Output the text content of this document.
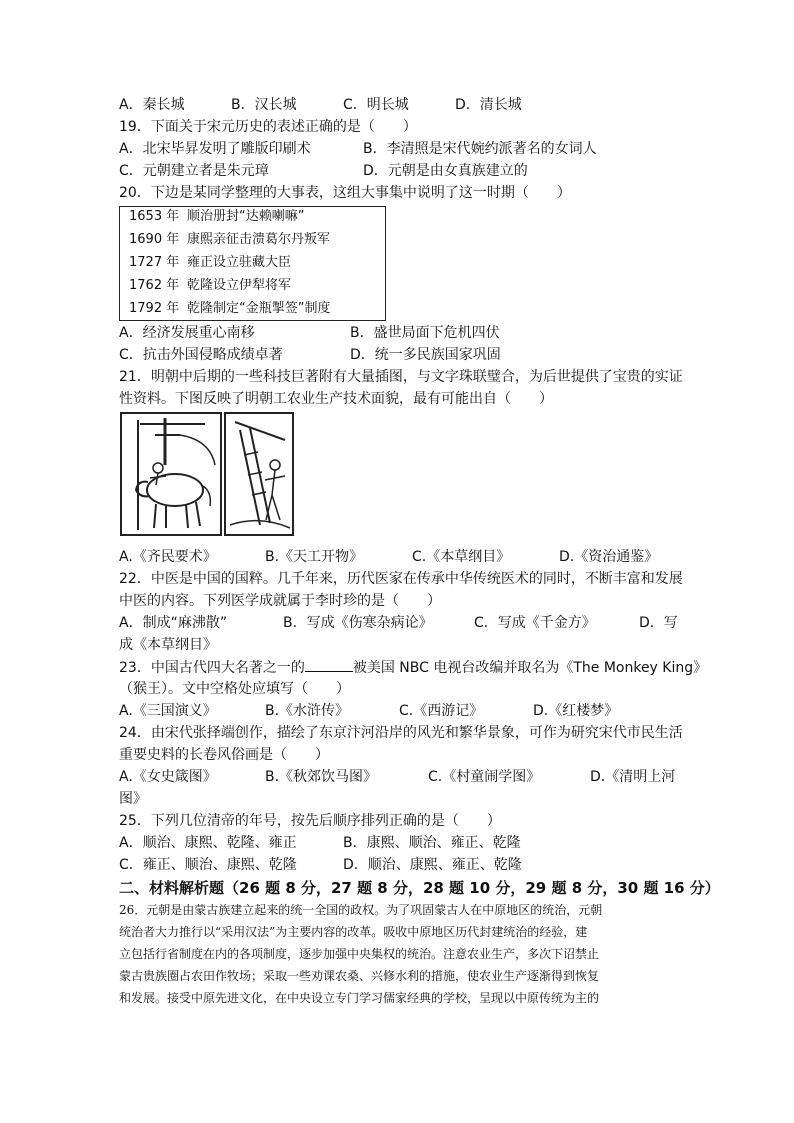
A．秦长城	B．汉长城	C．明长城	D．清长城
19．下面关于宋元历史的表述正确的是（　　）
A．北宋毕昇发明了雕版印刷术	B．李清照是宋代婉约派著名的女词人
C．元朝建立者是朱元璋	D．元朝是由女真族建立的
20．下边是某同学整理的大事表，这组大事集中说明了这一时期（　　）
1653 年 顺治册封“达赖喇嘛”
1690 年 康熙亲征击溃葛尔丹叛军
1727 年 雍正设立驻藏大臣
1762 年 乾隆设立伊犁将军
1792 年 乾隆制定“金瓶掣签”制度
A．经济发展重心南移	B．盛世局面下危机四伏
C．抗击外国侵略成绩卓著	D．统一多民族国家巩固
21．明朝中后期的一些科技巨著附有大量插图，与文字珠联璧合，为后世提供了宝贵的实证
性资料。下图反映了明朝工农业生产技术面貌，最有可能出自（　　）
A.《齐民要术》	B.《天工开物》	C.《本草纲目》	D.《资治通鉴》
22．中医是中国的国粹。几千年来，历代医家在传承中华传统医术的同时，不断丰富和发展
中医的内容。下列医学成就属于李时珍的是（　　）
A．制成“麻沸散”	B．写成《伤寒杂病论》	C．写成《千金方》	D．写
成《本草纲目》
23．中国古代四大名著之一的	被美国 NBC 电视台改编并取名为《The Monkey King》
（猴王）。文中空格处应填写（　　）
A.《三国演义》	B.《水浒传》	C.《西游记》	D.《红楼梦》
24．由宋代张择端创作，描绘了东京汴河沿岸的风光和繁华景象，可作为研究宋代市民生活
重要史料的长卷风俗画是（　　）
A.《女史箴图》	B.《秋郊饮马图》	C.《村童闹学图》	D.《清明上河
图》
25．下列几位清帝的年号，按先后顺序排列正确的是（　　）
A．顺治、康熙、乾隆、雍正	B．康熙、顺治、雍正、乾隆
C．雍正、顺治、康熙、乾隆	D．顺治、康熙、雍正、乾隆
二、材料解析题（26 题 8 分，27 题 8 分，28 题 10 分，29 题 8 分，30 题 16 分）
26．元朝是由蒙古族建立起来的统一全国的政权。为了巩固蒙古人在中原地区的统治，元朝
统治者大力推行以“采用汉法”为主要内容的改革。吸收中原地区历代封建统治的经验，建
立包括行省制度在内的各项制度，逐步加强中央集权的统治。注意农业生产，多次下诏禁止
蒙古贵族圈占农田作牧场；采取一些劝课农桑、兴修水利的措施，使农业生产逐渐得到恢复
和发展。接受中原先进文化，在中央设立专门学习儒家经典的学校，呈现以中原传统为主的
